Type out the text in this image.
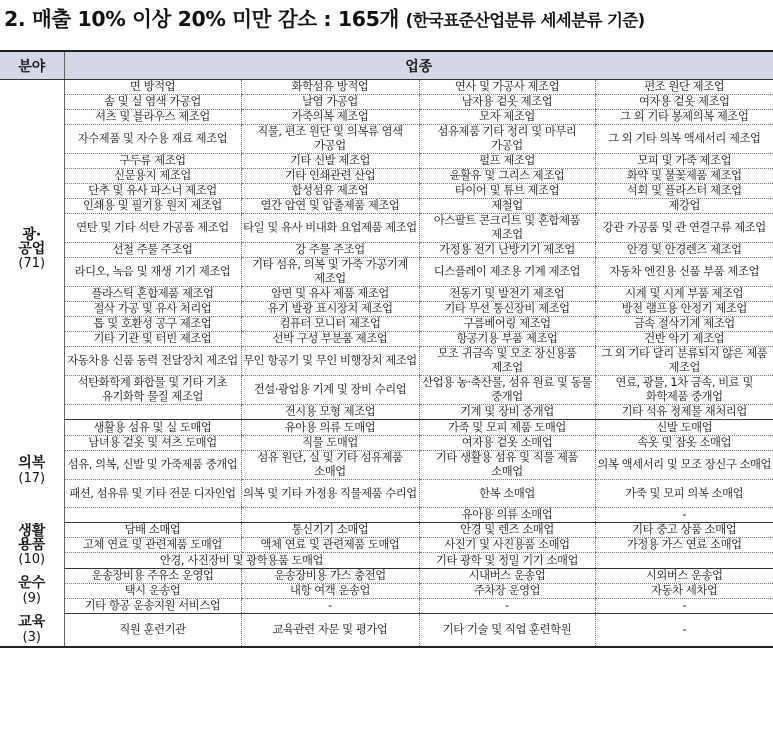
2. 매출 10% 이상 20% 미만 감소 : 165개 (한국표준산업분류 세세분류 기준)
분야	업종			

광·공업
(71)	면 방적업	화학섬유 방적업	연사 및 가공사 제조업	편조 원단 제조업
	솜 및 실 염색 가공업	날염 가공업	남자용 겉옷 제조업	여자용 겉옷 제조업
	셔츠 및 블라우스 제조업	가죽의복 제조업	모자 제조업	그 외 기타 봉제의복 제조업
	자수제품 및 자수용 재료 제조업	직물, 편조 원단 및 의복류 염색 가공업	섬유제품 기타 정리 및 마무리 가공업	그 외 기타 의복 액세서리 제조업
	구두류 제조업	기타 신발 제조업	펄프 제조업	모피 및 가죽 제조업
	신문용지 제조업	기타 인쇄관련 산업	윤활유 및 그리스 제조업	화약 및 불꽃제품 제조업
	단추 및 유사 파스너 제조업	합성섬유 제조업	타이어 및 튜브 제조업	석회 및 플라스터 제조업
	인쇄용 및 필기용 원지 제조업	열간 압연 및 압출제품 제조업	제철업	제강업
	연탄 및 기타 석탄 가공품 제조업	타일 및 유사 비내화 요업제품 제조업	아스팔트 콘크리트 및 혼합제품 제조업	강관 가공품 및 관 연결구류 제조업
	선철 주물 주조업	강 주물 주조업	가정용 전기 난방기기 제조업	안경 및 안경렌즈 제조업
	라디오, 녹음 및 재생 기기 제조업	기타 섬유, 의복 및 가죽 가공기계 제조업	디스플레이 제조용 기계 제조업	자동차 엔진용 신품 부품 제조업
	플라스틱 혼합제품 제조업	암면 및 유사 제품 제조업	전동기 및 발전기 제조업	시계 및 시계 부품 제조업
	절삭 가공 및 유사 처리업	유기 발광 표시장치 제조업	기타 무선 통신장비 제조업	방전 램프용 안정기 제조업
	톱 및 호환성 공구 제조업	컴퓨터 모니터 제조업	구름베어링 제조업	금속 절삭기계 제조업
	기타 기관 및 터빈 제조업	선박 구성 부분품 제조업	항공기용 부품 제조업	건반 악기 제조업
	자동차용 신품 동력 전달장치 제조업	무인 항공기 및 무인 비행장치 제조업	모조 귀금속 및 모조 장신용품 제조업	그 외 기타 달리 분류되지 않은 제품 제조업
	석탄화학계 화합물 및 기타 기초 유기화학 물질 제조업	건설·광업용 기계 및 장비 수리업	산업용 농·축산물, 섬유 원료 및 동물 중개업	연료, 광물, 1차 금속, 비료 및 화학제품 중개업
		전시용 모형 제조업	기계 및 장비 중개업	기타 석유 정제물 재처리업

의복
(17)	생활용 섬유 및 실 도매업	유아용 의류 도매업	가죽 및 모피 제품 도매업	신발 도매업
	남녀용 겉옷 및 셔츠 도매업	직물 도매업	여자용 겉옷 소매업	속옷 및 잠옷 소매업
	섬유, 의복, 신발 및 가죽제품 중개업	섬유 원단, 실 및 기타 섬유제품 소매업	기타 생활용 섬유 및 직물 제품 소매업	의복 액세서리 및 모조 장신구 소매업
	패션, 섬유류 및 기타 전문 디자인업	의복 및 기타 가정용 직물제품 수리업	한복 소매업	가죽 및 모피 의복 소매업
			유아용 의류 소매업	-

생활용품
(10)	담배 소매업	통신기기 소매업	안경 및 렌즈 소매업	기타 중고 상품 소매업
	고체 연료 및 관련제품 도매업	액체 연료 및 관련제품 도매업	사진기 및 사진용품 소매업	가정용 가스 연료 소매업
	안경, 사진장비 및 광학용품 도매업		기타 광학 및 정밀 기기 소매업	

운수
(9)	운송장비용 주유소 운영업	운송장비용 가스 충전업	시내버스 운송업	시외버스 운송업
	택시 운송업	내항 여객 운송업	주차장 운영업	자동차 세차업
	기타 항공 운송지원 서비스업	-	-	-

교육
(3)	직원 훈련기관	교육관련 자문 및 평가업	기타 기술 및 직업 훈련학원	-
